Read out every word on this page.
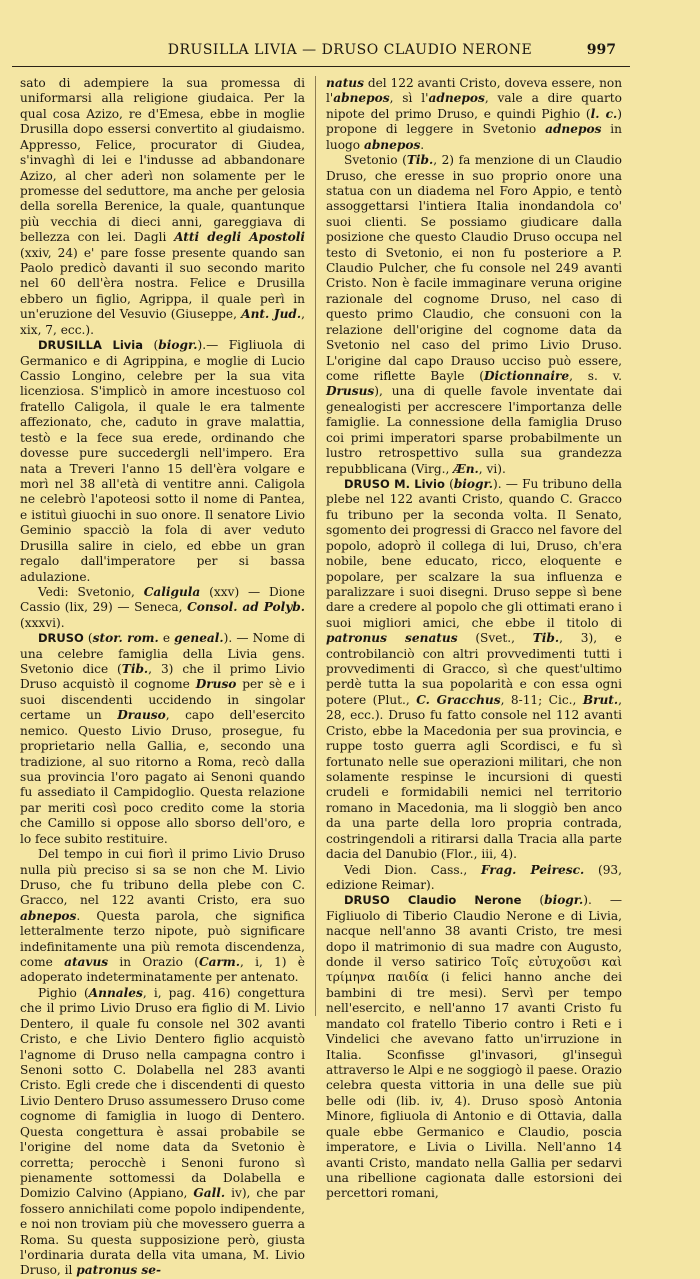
DRUSILLA LIVIA — DRUSO CLAUDIO NERONE	997

sato di adempiere la sua promessa di uniformarsi alla religione giudaica. Per la qual cosa Azizo, re d'Emesa, ebbe in moglie Drusilla dopo essersi convertito al giudaismo. Appresso, Felice, procurator di Giudea, s'invaghì di lei e l'indusse ad abbandonare Azizo, al cher aderì non solamente per le promesse del seduttore, ma anche per gelosia della sorella Berenice, la quale, quantunque più vecchia di dieci anni, gareggiava di bellezza con lei. Dagli Atti degli Apostoli (xxiv, 24) e' pare fosse presente quando san Paolo predicò davanti il suo secondo marito nel 60 dell'èra nostra. Felice e Drusilla ebbero un figlio, Agrippa, il quale perì in un'eruzione del Vesuvio (Giuseppe, Ant. Jud., xix, 7, ecc.).

DRUSILLA Livia (biogr.).— Figliuola di Germanico e di Agrippina, e moglie di Lucio Cassio Longino, celebre per la sua vita licenziosa. S'implicò in amore incestuoso col fratello Caligola, il quale le era talmente affezionato, che, caduto in grave malattia, testò e la fece sua erede, ordinando che dovesse pure succedergli nell'impero. Era nata a Treveri l'anno 15 dell'èra volgare e morì nel 38 all'età di ventitre anni. Caligola ne celebrò l'apoteosi sotto il nome di Pantea, e istituì giuochi in suo onore. Il senatore Livio Geminio spacciò la fola di aver veduto Drusilla salire in cielo, ed ebbe un gran regalo dall'imperatore per si bassa adulazione.

Vedi: Svetonio, Caligula (xxv) — Dione Cassio (lix, 29) — Seneca, Consol. ad Polyb. (xxxvi).

DRUSO (stor. rom. e geneal.). — Nome di una celebre famiglia della Livia gens. Svetonio dice (Tib., 3) che il primo Livio Druso acquistò il cognome Druso per sè e i suoi discendenti uccidendo in singolar certame un Drauso, capo dell'esercito nemico. Questo Livio Druso, prosegue, fu proprietario nella Gallia, e, secondo una tradizione, al suo ritorno a Roma, recò dalla sua provincia l'oro pagato ai Senoni quando fu assediato il Campidoglio. Questa relazione par meriti così poco credito come la storia che Camillo si oppose allo sborso dell'oro, e lo fece subito restituire.

Del tempo in cui fiorì il primo Livio Druso nulla più preciso si sa se non che M. Livio Druso, che fu tribuno della plebe con C. Gracco, nel 122 avanti Cristo, era suo abnepos. Questa parola, che significa letteralmente terzo nipote, può significare indefinitamente una più remota discendenza, come atavus in Orazio (Carm., i, 1) è adoperato indeterminatamente per antenato.

Pighio (Annales, i, pag. 416) congettura che il primo Livio Druso era figlio di M. Livio Dentero, il quale fu console nel 302 avanti Cristo, e che Livio Dentero figlio acquistò l'agnome di Druso nella campagna contro i Senoni sotto C. Dolabella nel 283 avanti Cristo. Egli crede che i discendenti di questo Livio Dentero Druso assumessero Druso come cognome di famiglia in luogo di Dentero. Questa congettura è assai probabile se l'origine del nome data da Svetonio è corretta; perocchè i Senoni furono sì pienamente sottomessi da Dolabella e Domizio Calvino (Appiano, Gall. iv), che par fossero annichilati come popolo indipendente, e noi non troviam più che movessero guerra a Roma. Su questa supposizione però, giusta l'ordinaria durata della vita umana, M. Livio Druso, il patronus se-

natus del 122 avanti Cristo, doveva essere, non l'abnepos, sì l'adnepos, vale a dire quarto nipote del primo Druso, e quindi Pighio (l. c.) propone di leggere in Svetonio adnepos in luogo abnepos.

Svetonio (Tib., 2) fa menzione di un Claudio Druso, che eresse in suo proprio onore una statua con un diadema nel Foro Appio, e tentò assoggettarsi l'intiera Italia inondandola co' suoi clienti. Se possiamo giudicare dalla posizione che questo Claudio Druso occupa nel testo di Svetonio, ei non fu posteriore a P. Claudio Pulcher, che fu console nel 249 avanti Cristo. Non è facile immaginare veruna origine razionale del cognome Druso, nel caso di questo primo Claudio, che consuoni con la relazione dell'origine del cognome data da Svetonio nel caso del primo Livio Druso. L'origine dal capo Drauso ucciso può essere, come riflette Bayle (Dictionnaire, s. v. Drusus), una di quelle favole inventate dai genealogisti per accrescere l'importanza delle famiglie. La connessione della famiglia Druso coi primi imperatori sparse probabilmente un lustro retrospettivo sulla sua grandezza repubblicana (Virg., Æn., vi).

DRUSO M. Livio (biogr.). — Fu tribuno della plebe nel 122 avanti Cristo, quando C. Gracco fu tribuno per la seconda volta. Il Senato, sgomento dei progressi di Gracco nel favore del popolo, adoprò il collega di lui, Druso, ch'era nobile, bene educato, ricco, eloquente e popolare, per scalzare la sua influenza e paralizzare i suoi disegni. Druso seppe sì bene dare a credere al popolo che gli ottimati erano i suoi migliori amici, che ebbe il titolo di patronus senatus (Svet., Tib., 3), e controbilanciò con altri provvedimenti tutti i provvedimenti di Gracco, sì che quest'ultimo perdè tutta la sua popolarità e con essa ogni potere (Plut., C. Gracchus, 8-11; Cic., Brut., 28, ecc.). Druso fu fatto console nel 112 avanti Cristo, ebbe la Macedonia per sua provincia, e ruppe tosto guerra agli Scordisci, e fu sì fortunato nelle sue operazioni militari, che non solamente respinse le incursioni di questi crudeli e formidabili nemici nel territorio romano in Macedonia, ma li sloggiò ben anco da una parte della loro propria contrada, costringendoli a ritirarsi dalla Tracia alla parte dacia del Danubio (Flor., iii, 4).

Vedi Dion. Cass., Frag. Peiresc. (93, edizione Reimar).

DRUSO Claudio Nerone (biogr.). — Figliuolo di Tiberio Claudio Nerone e di Livia, nacque nell'anno 38 avanti Cristo, tre mesi dopo il matrimonio di sua madre con Augusto, donde il verso satirico Τοῖς εὐτυχοῦσι καὶ τρίμηνα παιδία (i felici hanno anche dei bambini di tre mesi). Servì per tempo nell'esercito, e nell'anno 17 avanti Cristo fu mandato col fratello Tiberio contro i Reti e i Vindelici che avevano fatto un'irruzione in Italia. Sconfisse gl'invasori, gl'inseguì attraverso le Alpi e ne soggiogò il paese. Orazio celebra questa vittoria in una delle sue più belle odi (lib. iv, 4). Druso sposò Antonia Minore, figliuola di Antonio e di Ottavia, dalla quale ebbe Germanico e Claudio, poscia imperatore, e Livia o Livilla. Nell'anno 14 avanti Cristo, mandato nella Gallia per sedarvi una ribellione cagionata dalle estorsioni dei percettori romani,
